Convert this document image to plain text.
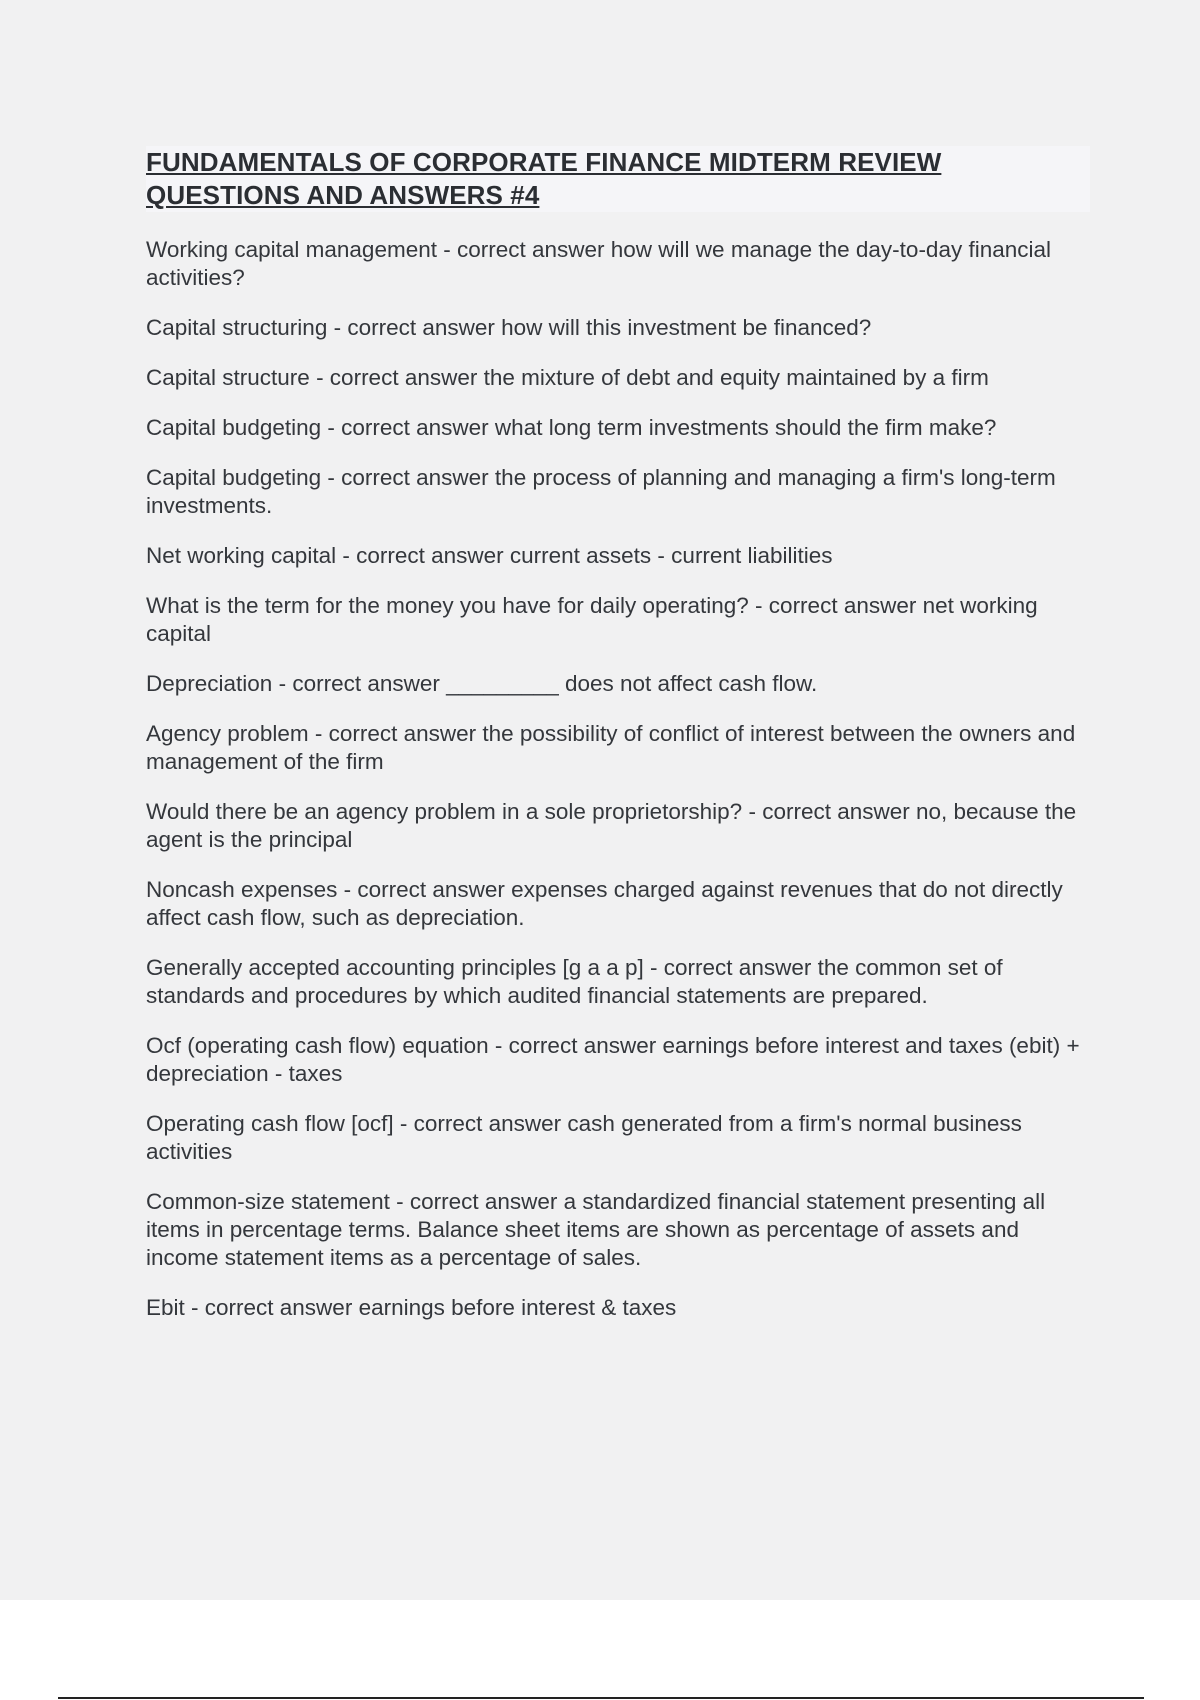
FUNDAMENTALS OF CORPORATE FINANCE MIDTERM REVIEW QUESTIONS AND ANSWERS #4

Working capital management - correct answer how will we manage the day-to-day financial activities?

Capital structuring - correct answer how will this investment be financed?

Capital structure - correct answer the mixture of debt and equity maintained by a firm

Capital budgeting - correct answer what long term investments should the firm make?

Capital budgeting - correct answer the process of planning and managing a firm's long-term investments.

Net working capital - correct answer current assets - current liabilities

What is the term for the money you have for daily operating? - correct answer net working capital

Depreciation - correct answer _________ does not affect cash flow.

Agency problem - correct answer the possibility of conflict of interest between the owners and management of the firm

Would there be an agency problem in a sole proprietorship? - correct answer no, because the agent is the principal

Noncash expenses - correct answer expenses charged against revenues that do not directly affect cash flow, such as depreciation.

Generally accepted accounting principles [g a a p] - correct answer the common set of standards and procedures by which audited financial statements are prepared.

Ocf (operating cash flow) equation - correct answer earnings before interest and taxes (ebit) + depreciation - taxes

Operating cash flow [ocf] - correct answer cash generated from a firm's normal business activities

Common-size statement - correct answer a standardized financial statement presenting all items in percentage terms. Balance sheet items are shown as percentage of assets and income statement items as a percentage of sales.

Ebit - correct answer earnings before interest & taxes
